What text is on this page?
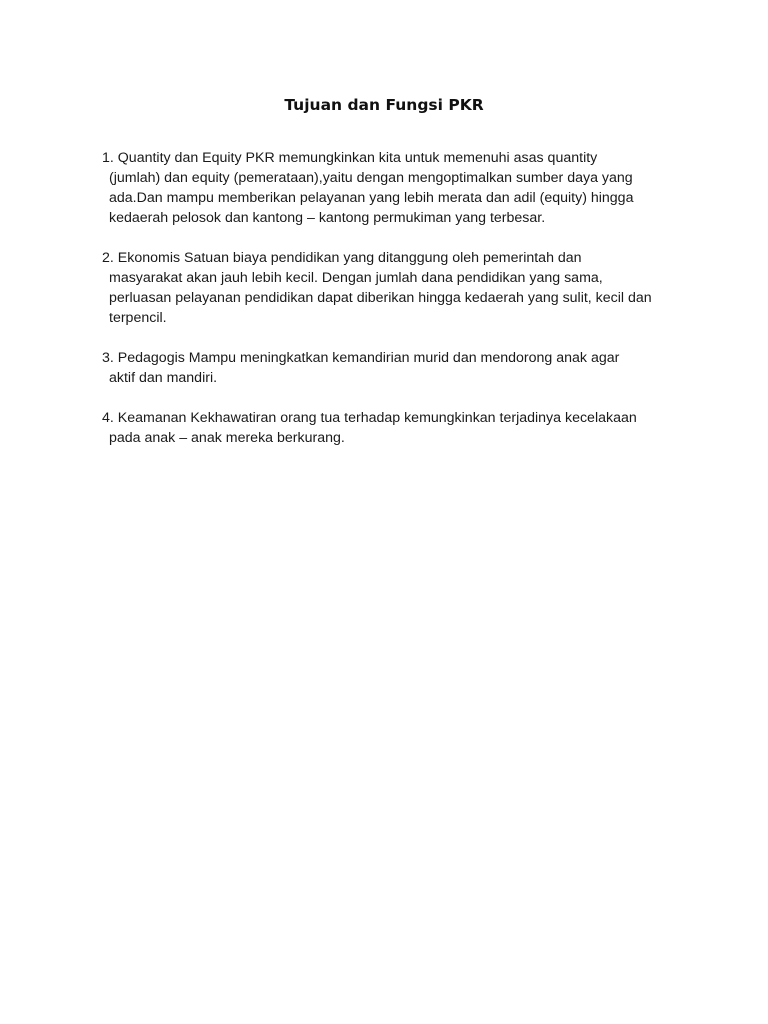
Tujuan dan Fungsi PKR
1. Quantity dan Equity PKR memungkinkan kita untuk memenuhi asas quantity
(jumlah) dan equity (pemerataan),yaitu dengan mengoptimalkan sumber daya yang
ada.Dan mampu memberikan pelayanan yang lebih merata dan adil (equity) hingga
kedaerah pelosok dan kantong – kantong permukiman yang terbesar.
2. Ekonomis Satuan biaya pendidikan yang ditanggung oleh pemerintah dan
masyarakat akan jauh lebih kecil. Dengan jumlah dana pendidikan yang sama,
perluasan pelayanan pendidikan dapat diberikan hingga kedaerah yang sulit, kecil dan
terpencil.
3. Pedagogis Mampu meningkatkan kemandirian murid dan mendorong anak agar
aktif dan mandiri.
4. Keamanan Kekhawatiran orang tua terhadap kemungkinkan terjadinya kecelakaan
pada anak – anak mereka berkurang.
